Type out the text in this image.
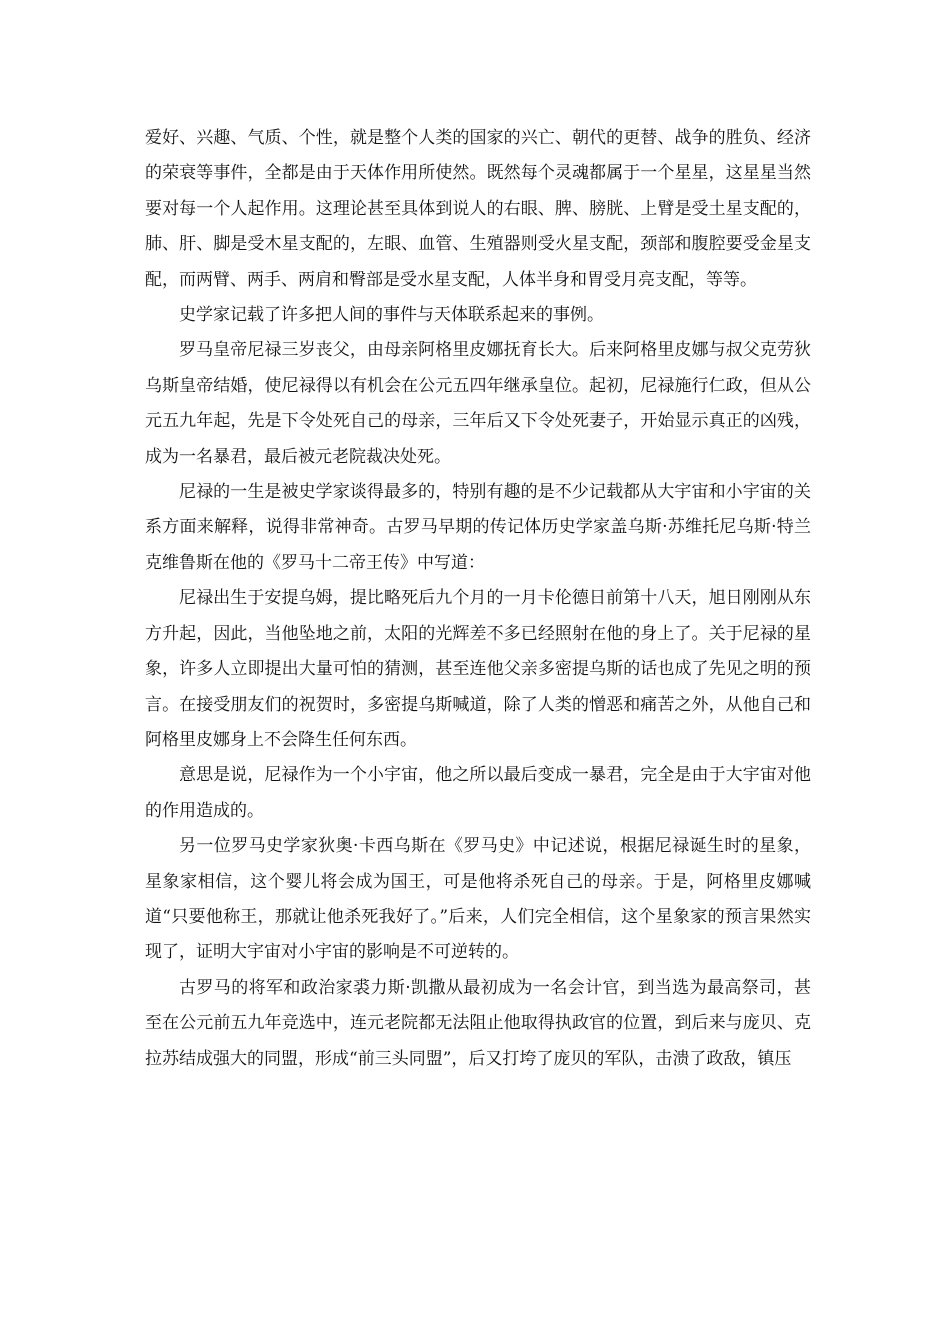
爱好、兴趣、气质、个性，就是整个人类的国家的兴亡、朝代的更替、战争的胜负、经济的荣衰等事件，全都是由于天体作用所使然。既然每个灵魂都属于一个星星，这星星当然要对每一个人起作用。这理论甚至具体到说人的右眼、脾、膀胱、上臂是受土星支配的，肺、肝、脚是受木星支配的，左眼、血管、生殖器则受火星支配，颈部和腹腔要受金星支配，而两臂、两手、两肩和臀部是受水星支配，人体半身和胃受月亮支配，等等。

史学家记载了许多把人间的事件与天体联系起来的事例。

罗马皇帝尼禄三岁丧父，由母亲阿格里皮娜抚育长大。后来阿格里皮娜与叔父克劳狄乌斯皇帝结婚，使尼禄得以有机会在公元五四年继承皇位。起初，尼禄施行仁政，但从公元五九年起，先是下令处死自己的母亲，三年后又下令处死妻子，开始显示真正的凶残，成为一名暴君，最后被元老院裁决处死。

尼禄的一生是被史学家谈得最多的，特别有趣的是不少记载都从大宇宙和小宇宙的关系方面来解释，说得非常神奇。古罗马早期的传记体历史学家盖乌斯·苏维托尼乌斯·特兰克维鲁斯在他的《罗马十二帝王传》中写道：

尼禄出生于安提乌姆，提比略死后九个月的一月卡伦德日前第十八天，旭日刚刚从东方升起，因此，当他坠地之前，太阳的光辉差不多已经照射在他的身上了。关于尼禄的星象，许多人立即提出大量可怕的猜测，甚至连他父亲多密提乌斯的话也成了先见之明的预言。在接受朋友们的祝贺时，多密提乌斯喊道，除了人类的憎恶和痛苦之外，从他自己和阿格里皮娜身上不会降生任何东西。

意思是说，尼禄作为一个小宇宙，他之所以最后变成一暴君，完全是由于大宇宙对他的作用造成的。

另一位罗马史学家狄奥·卡西乌斯在《罗马史》中记述说，根据尼禄诞生时的星象，星象家相信，这个婴儿将会成为国王，可是他将杀死自己的母亲。于是，阿格里皮娜喊道“只要他称王，那就让他杀死我好了。”后来，人们完全相信，这个星象家的预言果然实现了，证明大宇宙对小宇宙的影响是不可逆转的。

古罗马的将军和政治家裘力斯·凯撒从最初成为一名会计官，到当选为最高祭司，甚至在公元前五九年竞选中，连元老院都无法阻止他取得执政官的位置，到后来与庞贝、克拉苏结成强大的同盟，形成“前三头同盟”，后又打垮了庞贝的军队，击溃了政敌，镇压
